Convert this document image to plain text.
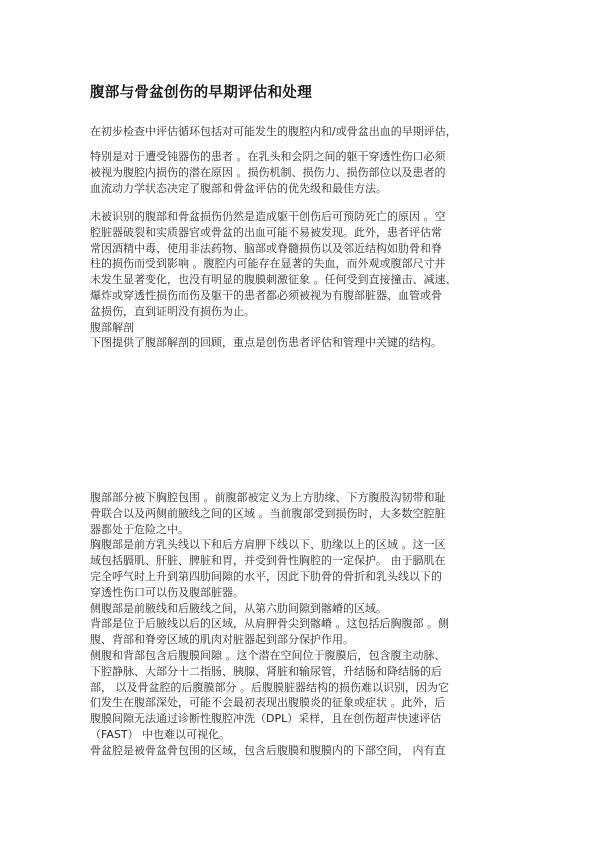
腹部与骨盆创伤的早期评估和处理
在初步检查中评估循环包括对可能发生的腹腔内和/或骨盆出血的早期评估，
特别是对于遭受钝器伤的患者 。在乳头和会阴之间的躯干穿透性伤口必须
被视为腹腔内损伤的潜在原因 。损伤机制、损伤力、损伤部位以及患者的
血流动力学状态决定了腹部和骨盆评估的优先级和最佳方法。
未被识别的腹部和骨盆损伤仍然是造成躯干创伤后可预防死亡的原因 。空
腔脏器破裂和实质器官或骨盆的出血可能不易被发现。此外，患者评估常
常因酒精中毒、使用非法药物、脑部或脊髓损伤以及邻近结构如肋骨和脊
柱的损伤而受到影响 。腹腔内可能存在显著的失血，而外观或腹部尺寸并
未发生显著变化，也没有明显的腹膜刺激征象 。任何受到直接撞击、减速、
爆炸或穿透性损伤而伤及躯干的患者都必须被视为有腹部脏器、血管或骨
盆损伤，直到证明没有损伤为止。
腹部解剖
下图提供了腹部解剖的回顾，重点是创伤患者评估和管理中关键的结构。
腹部部分被下胸腔包围 。前腹部被定义为上方肋缘、下方腹股沟韧带和耻
骨联合以及两侧前腋线之间的区域 。当前腹部受到损伤时，大多数空腔脏
器都处于危险之中。
胸腹部是前方乳头线以下和后方肩胛下线以下、肋缘以上的区域 。这一区
域包括膈肌、肝脏、脾脏和胃，并受到骨性胸腔的一定保护。 由于膈肌在
完全呼气时上升到第四肋间隙的水平，因此下肋骨的骨折和乳头线以下的
穿透性伤口可以伤及腹部脏器。
侧腹部是前腋线和后腋线之间，从第六肋间隙到髂嵴的区域。
背部是位于后腋线以后的区域，从肩胛骨尖到髂嵴 。这包括后胸腹部 。侧
腹、背部和脊旁区域的肌肉对脏器起到部分保护作用。
侧腹和背部包含后腹膜间隙 。这个潜在空间位于腹膜后，包含腹主动脉、
下腔静脉、大部分十二指肠、胰腺、肾脏和输尿管，升结肠和降结肠的后
部， 以及骨盆腔的后腹膜部分 。后腹膜脏器结构的损伤难以识别，因为它
们发生在腹部深处，可能不会最初表现出腹膜炎的征象或症状 。此外，后
腹膜间隙无法通过诊断性腹腔冲洗（DPL）采样，且在创伤超声快速评估
（FAST） 中也难以可视化。
骨盆腔是被骨盆骨包围的区域，包含后腹膜和腹膜内的下部空间， 内有直
